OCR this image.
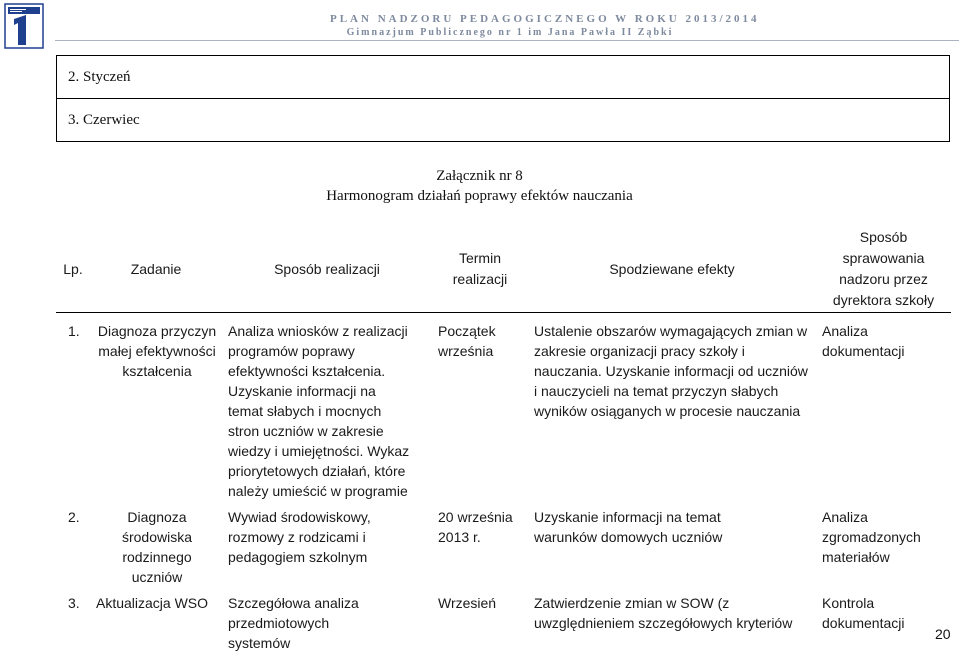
PLAN NADZORU PEDAGOGICZNEGO W ROKU 2013/2014
Gimnazjum Publicznego nr 1 im Jana Pawła II Ząbki
2. Styczeń
3. Czerwiec
Załącznik nr 8
Harmonogram działań poprawy efektów nauczania
Lp.	Zadanie	Sposób realizacji	Termin realizacji	Spodziewane efekty	Sposób sprawowania nadzoru przez dyrektora szkoły
1.	Diagnoza przyczyn małej efektywności kształcenia	Analiza wniosków z realizacji programów poprawy efektywności kształcenia. Uzyskanie informacji na temat słabych i mocnych stron uczniów w zakresie wiedzy i umiejętności. Wykaz priorytetowych działań, które należy umieścić w programie	Początek września	Ustalenie obszarów wymagających zmian w zakresie organizacji pracy szkoły i nauczania. Uzyskanie informacji od uczniów i nauczycieli na temat przyczyn słabych wyników osiąganych w procesie nauczania	Analiza dokumentacji
2.	Diagnoza środowiska rodzinnego uczniów	Wywiad środowiskowy, rozmowy z rodzicami i pedagogiem szkolnym	20 września 2013 r.	Uzyskanie informacji na temat warunków domowych uczniów	Analiza zgromadzonych materiałów
3.	Aktualizacja WSO	Szczegółowa analiza przedmiotowych systemów	Wrzesień	Zatwierdzenie zmian w SOW (z uwzględnieniem szczegółowych kryteriów	Kontrola dokumentacji
20
